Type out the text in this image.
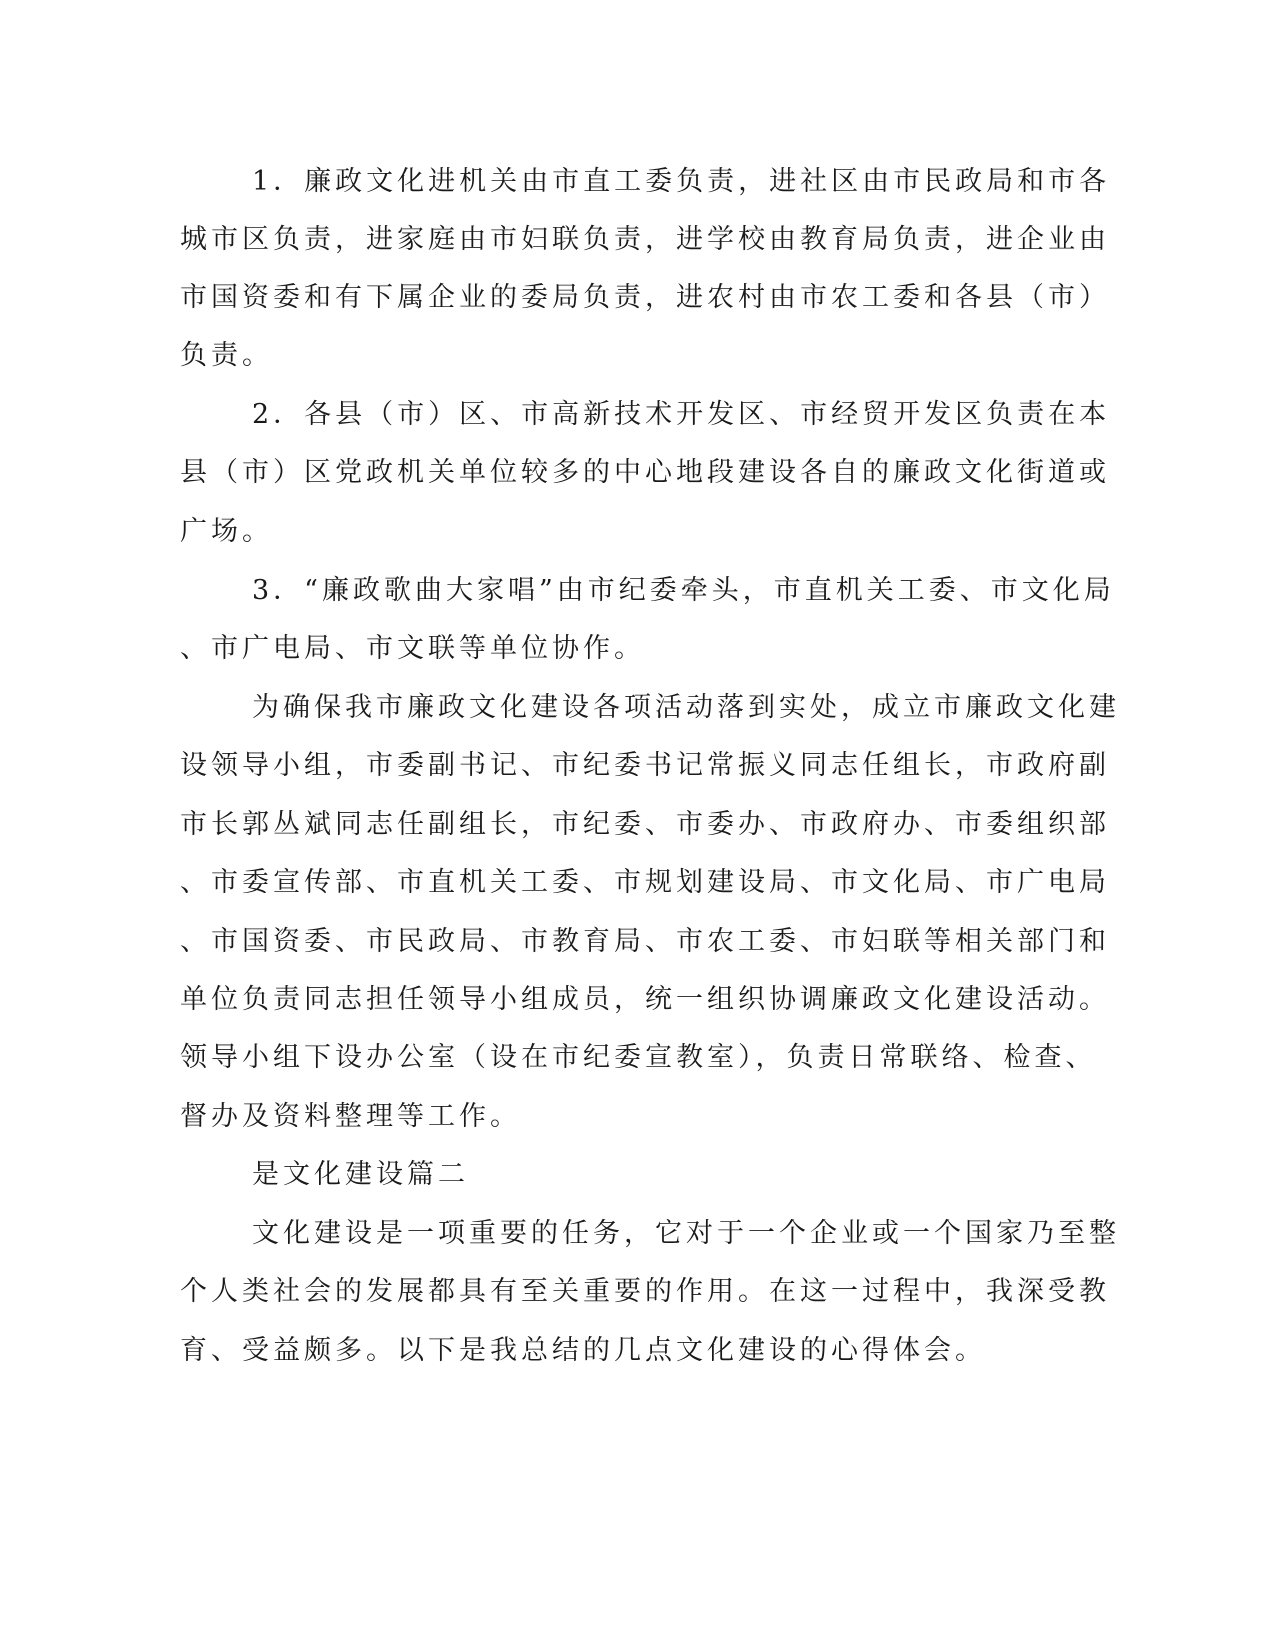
1．廉政文化进机关由市直工委负责，进社区由市民政局和市各
城市区负责，进家庭由市妇联负责，进学校由教育局负责，进企业由
市国资委和有下属企业的委局负责，进农村由市农工委和各县（市）
负责。
2．各县（市）区、市高新技术开发区、市经贸开发区负责在本
县（市）区党政机关单位较多的中心地段建设各自的廉政文化街道或
广场。
3．“廉政歌曲大家唱”由市纪委牵头，市直机关工委、市文化局
、市广电局、市文联等单位协作。
为确保我市廉政文化建设各项活动落到实处，成立市廉政文化建
设领导小组，市委副书记、市纪委书记常振义同志任组长，市政府副
市长郭丛斌同志任副组长，市纪委、市委办、市政府办、市委组织部
、市委宣传部、市直机关工委、市规划建设局、市文化局、市广电局
、市国资委、市民政局、市教育局、市农工委、市妇联等相关部门和
单位负责同志担任领导小组成员，统一组织协调廉政文化建设活动。
领导小组下设办公室（设在市纪委宣教室），负责日常联络、检查、
督办及资料整理等工作。
是文化建设篇二
文化建设是一项重要的任务，它对于一个企业或一个国家乃至整
个人类社会的发展都具有至关重要的作用。在这一过程中，我深受教
育、受益颇多。以下是我总结的几点文化建设的心得体会。
